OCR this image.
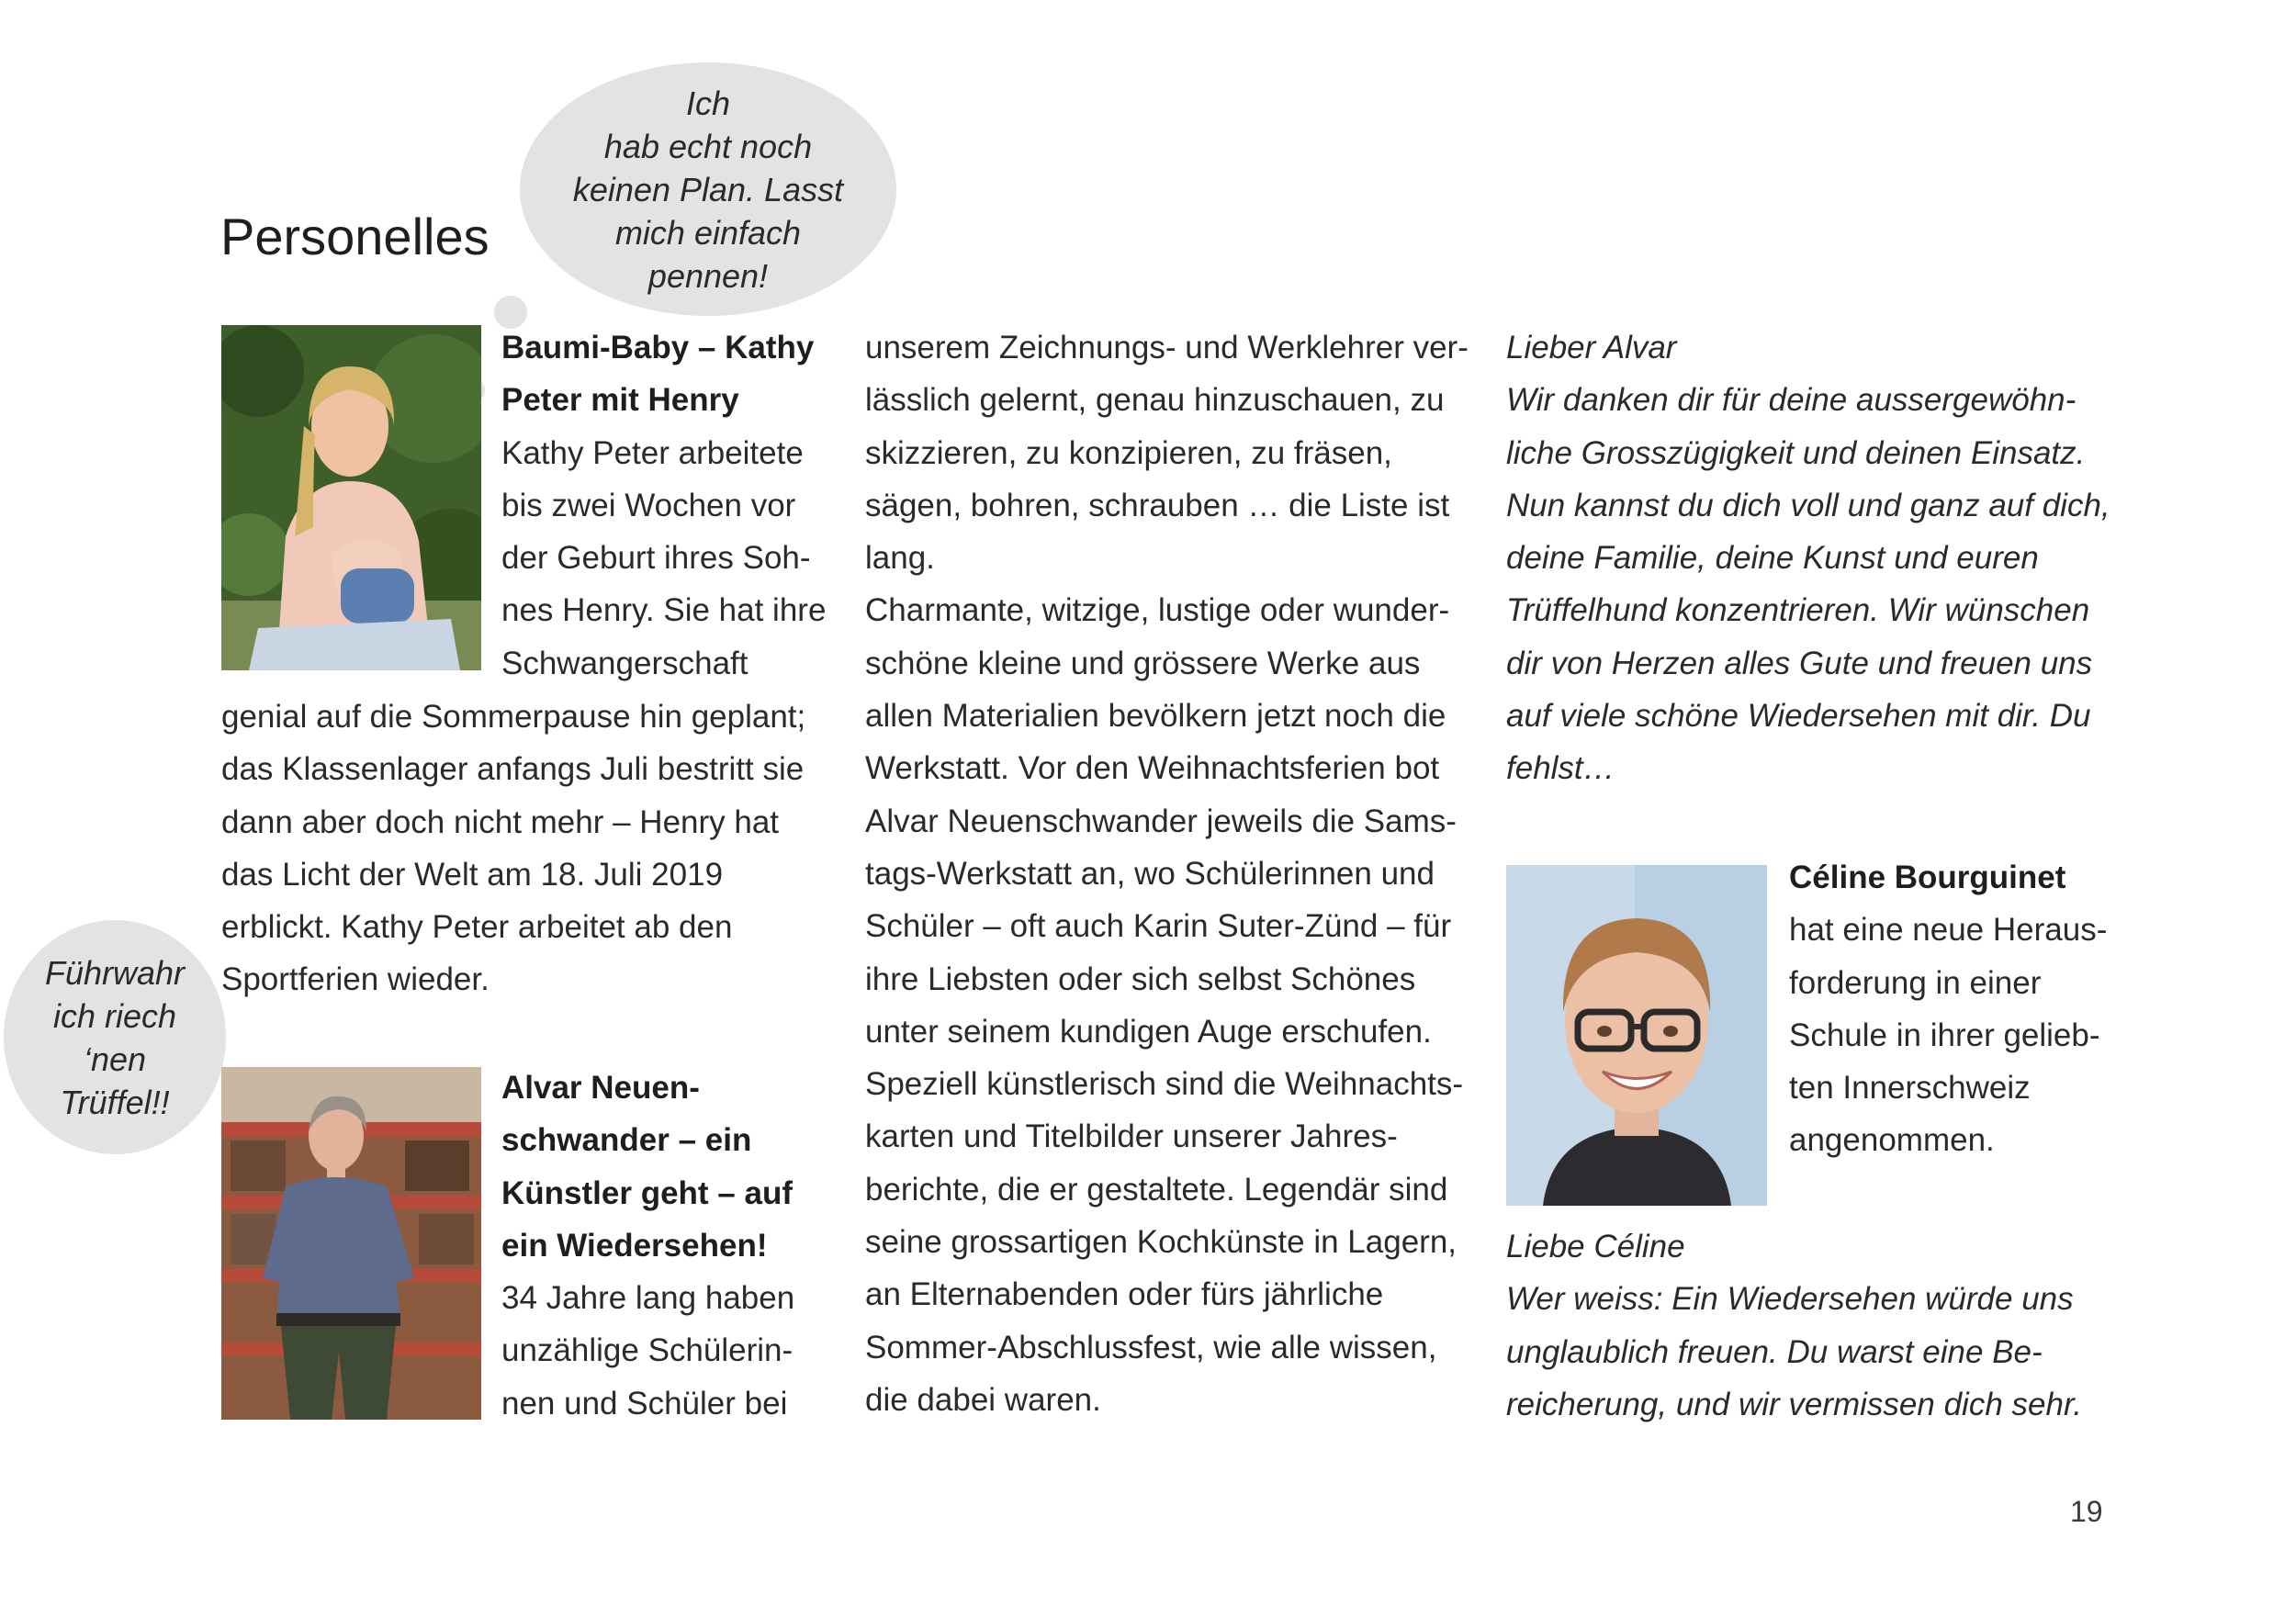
Personelles
Ich
hab echt noch
keinen Plan. Lasst
mich einfach
pennen!
Führwahr
ich riech
‘nen
Trüffel!!

Baumi-Baby – Kathy

Peter mit Henry

Kathy Peter arbeitete

bis zwei Wochen vor

der Geburt ihres Soh-

nes Henry. Sie hat ihre

Schwangerschaft

genial auf die Sommerpause hin geplant;

das Klassenlager anfangs Juli bestritt sie

dann aber doch nicht mehr – Henry hat

das Licht der Welt am 18. Juli 2019

erblickt. Kathy Peter arbeitet ab den

Sportferien wieder.

Alvar Neuen-

schwander – ein

Künstler geht – auf

ein Wiedersehen!

34 Jahre lang haben

unzählige Schülerin-

nen und Schüler bei

unserem Zeichnungs- und Werklehrer ver-

lässlich gelernt, genau hinzuschauen, zu

skizzieren, zu konzipieren, zu fräsen,

sägen, bohren, schrauben … die Liste ist

lang.

Charmante, witzige, lustige oder wunder-

schöne kleine und grössere Werke aus

allen Materialien bevölkern jetzt noch die

Werkstatt. Vor den Weihnachtsferien bot

Alvar Neuenschwander jeweils die Sams-

tags-Werkstatt an, wo Schülerinnen und

Schüler – oft auch Karin Suter-Zünd – für

ihre Liebsten oder sich selbst Schönes

unter seinem kundigen Auge erschufen.

Speziell künstlerisch sind die Weihnachts-

karten und Titelbilder unserer Jahres-

berichte, die er gestaltete. Legendär sind

seine grossartigen Kochkünste in Lagern,

an Elternabenden oder fürs jährliche

Sommer-Abschlussfest, wie alle wissen,

die dabei waren.

Lieber Alvar

Wir danken dir für deine aussergewöhn-

liche Grosszügigkeit und deinen Einsatz.

Nun kannst du dich voll und ganz auf dich,

deine Familie, deine Kunst und euren

Trüffelhund konzentrieren. Wir wünschen

dir von Herzen alles Gute und freuen uns

auf viele schöne Wiedersehen mit dir. Du

fehlst…

Céline Bourguinet

hat eine neue Heraus-

forderung in einer

Schule in ihrer gelieb-

ten Innerschweiz

angenommen.

Liebe Céline

Wer weiss: Ein Wiedersehen würde uns

unglaublich freuen. Du warst eine Be-

reicherung, und wir vermissen dich sehr.

19
